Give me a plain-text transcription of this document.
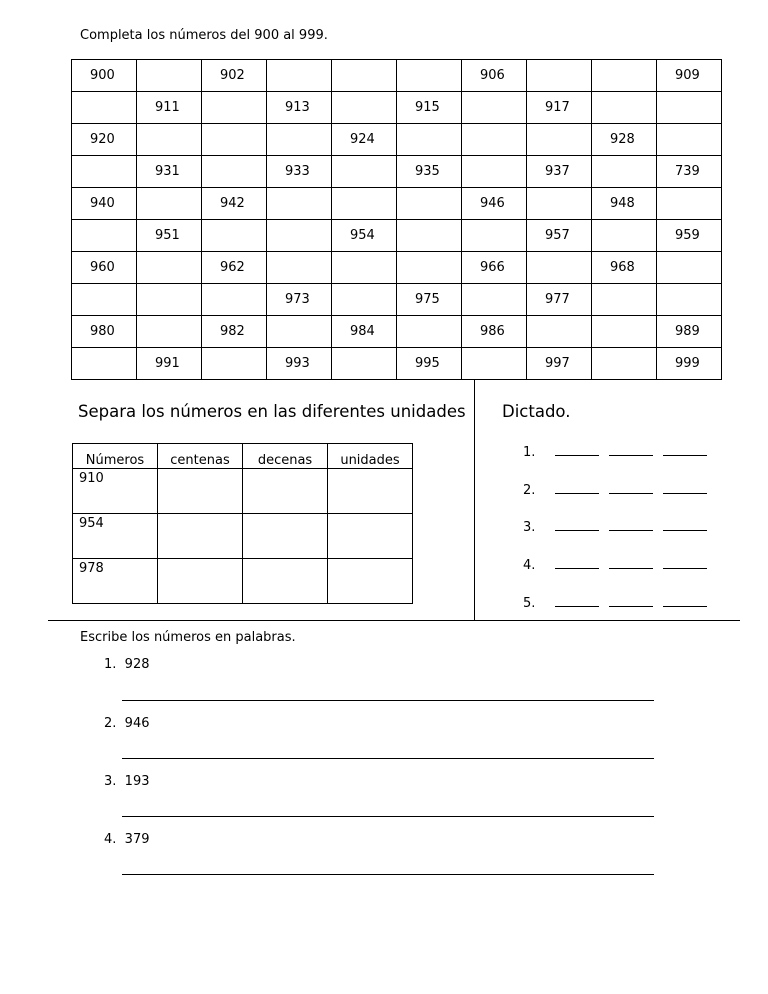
Completa los números del 900 al 999.
900		902				906			909
	911		913		915		917		
920				924				928	
	931		933		935		937		739
940		942				946		948	
	951			954			957		959
960		962				966		968	
			973		975		977		
980		982		984		986			989
	991		993		995		997		999
Separa los números en las diferentes unidades
Números	centenas	decenas	unidades
910			
954			
978			
Dictado.
1.
2.
3.
4.
5.
Escribe los números en palabras.
1. 928
2. 946
3. 193
4. 379
